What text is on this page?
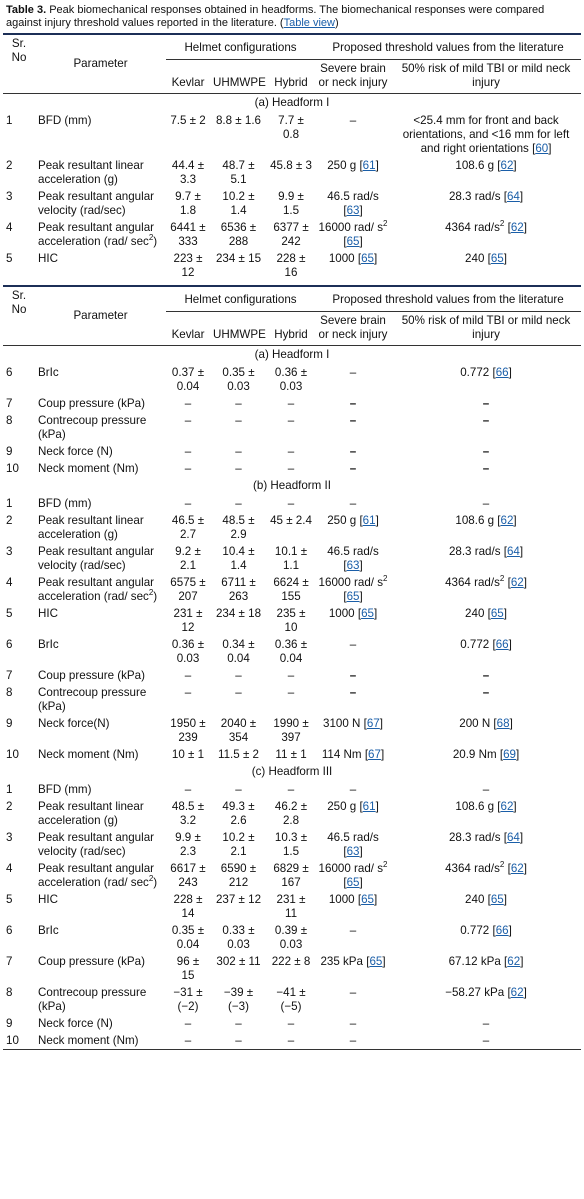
Table 3. Peak biomechanical responses obtained in headforms. The biomechanical responses were compared against injury threshold values reported in the literature. (Table view)
Sr. No	Parameter	Helmet configurations			Proposed threshold values from the literature	
		Kevlar	UHMWPE	Hybrid	Severe brain or neck injury	50% risk of mild TBI or mild neck injury
(a) Headform I						
1	BFD (mm)	7.5 ± 2	8.8 ± 1.6	7.7 ± 0.8	–	<25.4 mm for front and back orientations, and <16 mm for left and right orientations [60]
2	Peak resultant linear acceleration (g)	44.4 ± 3.3	48.7 ± 5.1	45.8 ± 3	250 g [61]	108.6 g [62]
3	Peak resultant angular velocity (rad/sec)	9.7 ± 1.8	10.2 ± 1.4	9.9 ± 1.5	46.5 rad/s [63]	28.3 rad/s [64]
4	Peak resultant angular acceleration (rad/ $\sec^2$)	6441 ± 333	6536 ± 288	6377 ± 242	16000 rad/ $s^2$ [65]	4364 rad/$s^2$ [62]
5	HIC	223 ± 12	234 ± 15	228 ± 16	1000 [65]	240 [65]
Sr. No	Parameter	Helmet configurations			Proposed threshold values from the literature	
		Kevlar	UHMWPE	Hybrid	Severe brain or neck injury	50% risk of mild TBI or mild neck injury
(a) Headform I						
6	BrIc	0.37 ± 0.04	0.35 ± 0.03	0.36 ± 0.03	–	0.772 [66]
7	Coup pressure (kPa)	–	–	–	–	–
8	Contrecoup pressure (kPa)	–	–	–	–	–
9	Neck force (N)	–	–	–	–	–
10	Neck moment (Nm)	–	–	–	–	–
(b) Headform II						
1	BFD (mm)	–	–	–	–	–
2	Peak resultant linear acceleration (g)	46.5 ± 2.7	48.5 ± 2.9	45 ± 2.4	250 g [61]	108.6 g [62]
3	Peak resultant angular velocity (rad/sec)	9.2 ± 2.1	10.4 ± 1.4	10.1 ± 1.1	46.5 rad/s [63]	28.3 rad/s [64]
4	Peak resultant angular acceleration (rad/ $\sec^2$)	6575 ± 207	6711 ± 263	6624 ± 155	16000 rad/ $s^2$ [65]	4364 rad/$s^2$ [62]
5	HIC	231 ± 12	234 ± 18	235 ± 10	1000 [65]	240 [65]
6	BrIc	0.36 ± 0.03	0.34 ± 0.04	0.36 ± 0.04	–	0.772 [66]
7	Coup pressure (kPa)	–	–	–	–	–
8	Contrecoup pressure (kPa)	–	–	–	–	–
9	Neck force(N)	1950 ± 239	2040 ± 354	1990 ± 397	3100 N [67]	200 N [68]
10	Neck moment (Nm)	10 ± 1	11.5 ± 2	11 ± 1	114 Nm [67]	20.9 Nm [69]
(c) Headform III						
1	BFD (mm)	–	–	–	–	–
2	Peak resultant linear acceleration (g)	48.5 ± 3.2	49.3 ± 2.6	46.2 ± 2.8	250 g [61]	108.6 g [62]
3	Peak resultant angular velocity (rad/sec)	9.9 ± 2.3	10.2 ± 2.1	10.3 ± 1.5	46.5 rad/s [63]	28.3 rad/s [64]
4	Peak resultant angular acceleration (rad/ $\sec^2$)	6617 ± 243	6590 ± 212	6829 ± 167	16000 rad/ $s^2$ [65]	4364 rad/$s^2$ [62]
5	HIC	228 ± 14	237 ± 12	231 ± 11	1000 [65]	240 [65]
6	BrIc	0.35 ± 0.04	0.33 ± 0.03	0.39 ± 0.03	–	0.772 [66]
7	Coup pressure (kPa)	96 ± 15	302 ± 11	222 ± 8	235 kPa [65]	67.12 kPa [62]
8	Contrecoup pressure (kPa)	−31 ± (−2)	−39 ± (−3)	−41 ± (−5)	–	−58.27 kPa [62]
9	Neck force (N)	–	–	–	–	–
10	Neck moment (Nm)	–	–	–	–	–
